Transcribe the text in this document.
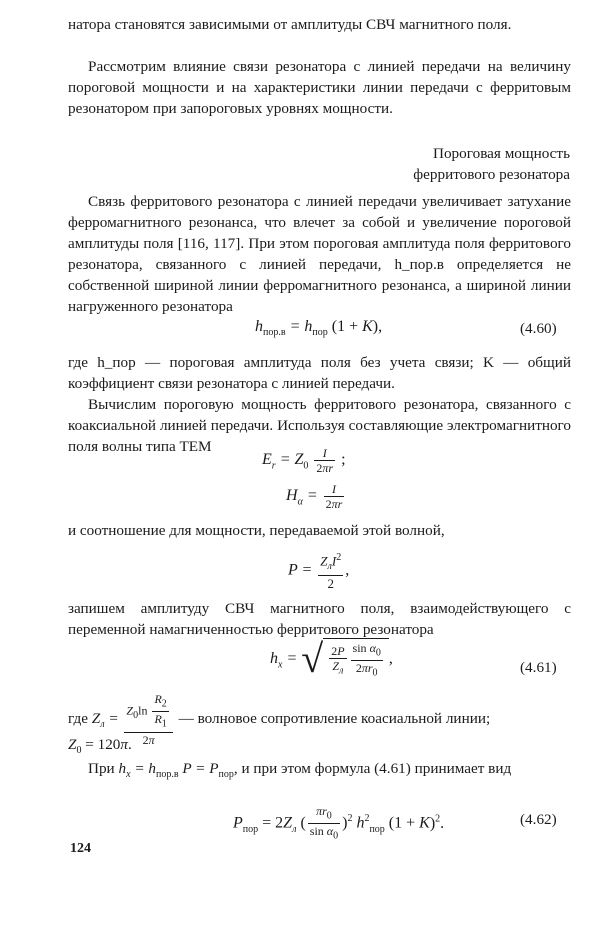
натора становятся зависимыми от амплитуды СВЧ магнитного поля.

Рассмотрим влияние связи резонатора с линией передачи на величину пороговой мощности и на характеристики линии передачи с ферритовым резонатором при запороговых уровнях мощности.

Пороговая мощность
ферритового резонатора

Связь ферритового резонатора с линией передачи увеличивает затухание ферромагнитного резонанса, что влечет за собой и увеличение пороговой амплитуды поля [116, 117]. При этом пороговая амплитуда поля ферритового резонатора, связанного с линией передачи, h_пор.в определяется не собственной шириной линии ферромагнитного резонанса, а шириной линии нагруженного резонатора

$h_{пор.в} = h_{пор}$ (1 + K),	(4.60)

где h_пор — пороговая амплитуда поля без учета связи; K — общий коэффициент связи резонатора с линией передачи.

Вычислим пороговую мощность ферритового резонатора, связанного с коаксиальной линией передачи. Используя составляющие электромагнитного поля волны типа ТЕМ

$E_r = Z_0 \frac{I}{2\pi r}$ ;
$H_\alpha = \frac{I}{2\pi r}$

и соотношение для мощности, передаваемой этой волной,

$P = \frac{Z_лI^2}{2}$ ,

запишем амплитуду СВЧ магнитного поля, взаимодействующего с переменной намагниченностью ферритового резонатора

$h_x$ = √ $\frac{2P}{Z_л} \frac{\sin \alpha_0}{2\pi r_0}$ ,
(4.61)
где $Z_л = \frac{Z_0\ln \frac{R_2}{R_1}}{2\pi}$ — волновое сопротивление коасиальной линии;
$Z_0 = 120\pi$.
При $h_x = h_{пор.в}$ $P = P_{пор}$, и при этом формула (4.61) принимает вид
$P_{пор} = 2Z_л$ ( $\frac{\pi r_0}{\sin \alpha_0} )^2$ $h^2_{пор}$ $(1 + K)^2$.	(4.62)
124
